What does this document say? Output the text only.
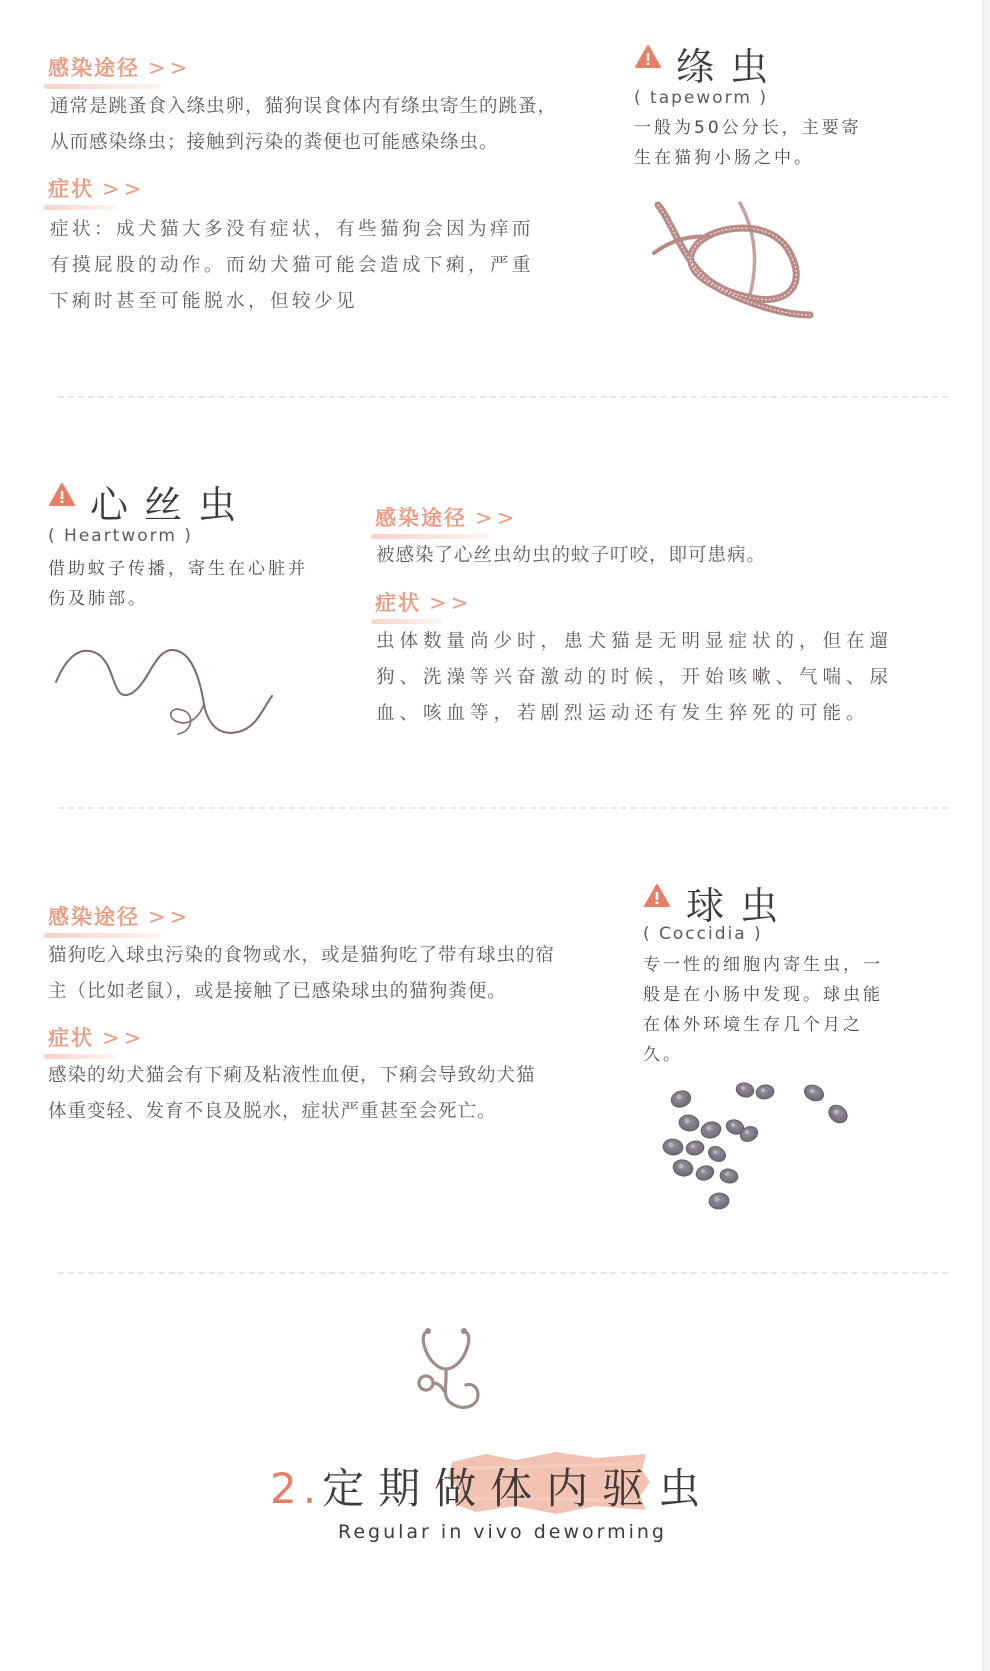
感染途径 >>
通常是跳蚤食入绦虫卵，猫狗误食体内有绦虫寄生的跳蚤，从而感染绦虫；接触到污染的粪便也可能感染绦虫。
症状 >>
症状：成犬猫大多没有症状，有些猫狗会因为痒而有摸屁股的动作。而幼犬猫可能会造成下痢，严重下痢时甚至可能脱水，但较少见
绦虫
( tapeworm )
一般为50公分长，主要寄生在猫狗小肠之中。
心丝虫
( Heartworm )
借助蚊子传播，寄生在心脏并伤及肺部。
感染途径 >>
被感染了心丝虫幼虫的蚊子叮咬，即可患病。
症状 >>
虫体数量尚少时，患犬猫是无明显症状的，但在遛狗、洗澡等兴奋激动的时候，开始咳嗽、气喘、尿血、咳血等，若剧烈运动还有发生猝死的可能。
感染途径 >>
猫狗吃入球虫污染的食物或水，或是猫狗吃了带有球虫的宿主（比如老鼠），或是接触了已感染球虫的猫狗粪便。
症状 >>
感染的幼犬猫会有下痢及粘液性血便，下痢会导致幼犬猫体重变轻、发育不良及脱水，症状严重甚至会死亡。
球虫
( Coccidia )
专一性的细胞内寄生虫，一般是在小肠中发现。球虫能在体外环境生存几个月之久。
2.定期做体内驱虫
Regular in vivo deworming
